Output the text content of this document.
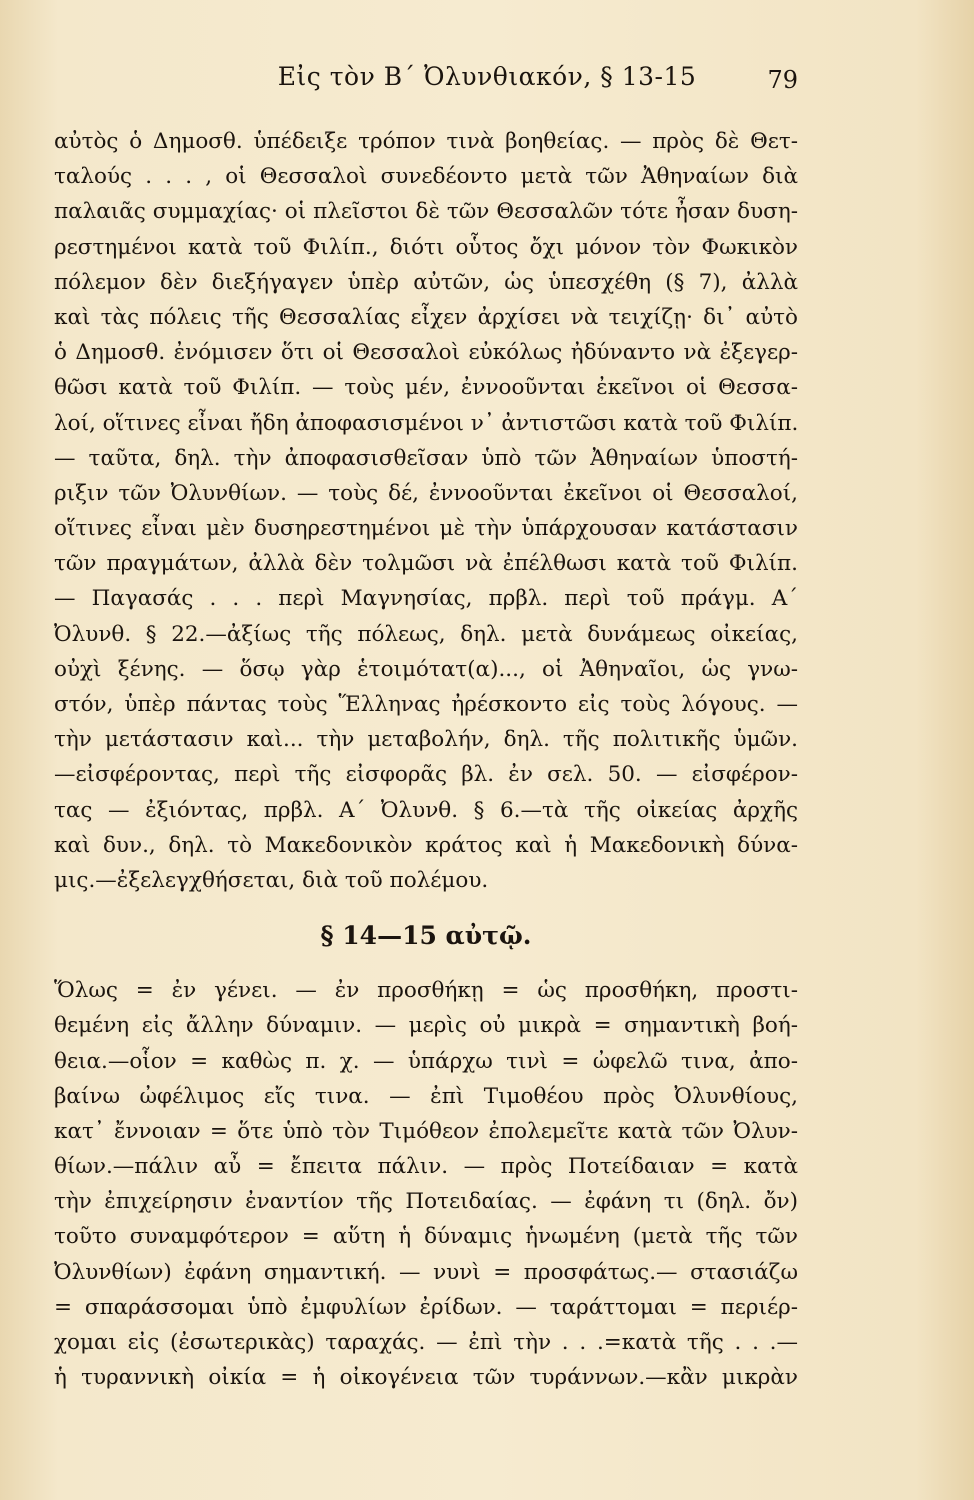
Εἰς τὸν Β΄ Ὀλυνθιακόν, § 13-15	79
αὐτὸς ὁ Δημοσθ. ὑπέδειξε τρόπον τινὰ βοηθείας. — πρὸς δὲ Θετ-
ταλούς . . . , οἱ Θεσσαλοὶ συνεδέοντο μετὰ τῶν Ἀθηναίων διὰ
παλαιᾶς συμμαχίας· οἱ πλεῖστοι δὲ τῶν Θεσσαλῶν τότε ἦσαν δυση-
ρεστημένοι κατὰ τοῦ Φιλίπ., διότι οὗτος ὄχι μόνον τὸν Φωκικὸν
πόλεμον δὲν διεξήγαγεν ὑπὲρ αὐτῶν, ὡς ὑπεσχέθη (§ 7), ἀλλὰ
καὶ τὰς πόλεις τῆς Θεσσαλίας εἶχεν ἀρχίσει νὰ τειχίζῃ· δι᾽ αὐτὸ
ὁ Δημοσθ. ἐνόμισεν ὅτι οἱ Θεσσαλοὶ εὐκόλως ἠδύναντο νὰ ἐξεγερ-
θῶσι κατὰ τοῦ Φιλίπ. — τοὺς μέν, ἐννοοῦνται ἐκεῖνοι οἱ Θεσσα-
λοί, οἵτινες εἶναι ἤδη ἀποφασισμένοι ν᾽ ἀντιστῶσι κατὰ τοῦ Φιλίπ.
— ταῦτα, δηλ. τὴν ἀποφασισθεῖσαν ὑπὸ τῶν Ἀθηναίων ὑποστή-
ριξιν τῶν Ὀλυνθίων. — τοὺς δέ, ἐννοοῦνται ἐκεῖνοι οἱ Θεσσαλοί,
οἵτινες εἶναι μὲν δυσηρεστημένοι μὲ τὴν ὑπάρχουσαν κατάστασιν
τῶν πραγμάτων, ἀλλὰ δὲν τολμῶσι νὰ ἐπέλθωσι κατὰ τοῦ Φιλίπ.
— Παγασάς . . . περὶ Μαγνησίας, πρβλ. περὶ τοῦ πράγμ. Α΄
Ὀλυνθ. § 22.—ἀξίως τῆς πόλεως, δηλ. μετὰ δυνάμεως οἰκείας,
οὐχὶ ξένης. — ὅσῳ γὰρ ἑτοιμότατ(α)..., οἱ Ἀθηναῖοι, ὡς γνω-
στόν, ὑπὲρ πάντας τοὺς Ἕλληνας ἠρέσκοντο εἰς τοὺς λόγους. —
τὴν μετάστασιν καὶ... τὴν μεταβολήν, δηλ. τῆς πολιτικῆς ὑμῶν.
—εἰσφέροντας, περὶ τῆς εἰσφορᾶς βλ. ἐν σελ. 50. — εἰσφέρον-
τας — ἐξιόντας, πρβλ. Α΄ Ὀλυνθ. § 6.—τὰ τῆς οἰκείας ἀρχῆς
καὶ δυν., δηλ. τὸ Μακεδονικὸν κράτος καὶ ἡ Μακεδονικὴ δύνα-
μις.—ἐξελεγχθήσεται, διὰ τοῦ πολέμου.
§ 14—15 αὐτῷ.
Ὅλως = ἐν γένει. — ἐν προσθήκῃ = ὡς προσθήκη, προστι-
θεμένη εἰς ἄλλην δύναμιν. — μερὶς οὐ μικρὰ = σημαντικὴ βοή-
θεια.—οἷον = καθὼς π. χ. — ὑπάρχω τινὶ = ὠφελῶ τινα, ἀπο-
βαίνω ὠφέλιμος εἴς τινα. — ἐπὶ Τιμοθέου πρὸς Ὀλυνθίους,
κατ᾽ ἔννοιαν = ὅτε ὑπὸ τὸν Τιμόθεον ἐπολεμεῖτε κατὰ τῶν Ὀλυν-
θίων.—πάλιν αὖ = ἔπειτα πάλιν. — πρὸς Ποτείδαιαν = κατὰ
τὴν ἐπιχείρησιν ἐναντίον τῆς Ποτειδαίας. — ἐφάνη τι (δηλ. ὄν)
τοῦτο συναμφότερον = αὕτη ἡ δύναμις ἡνωμένη (μετὰ τῆς τῶν
Ὀλυνθίων) ἐφάνη σημαντική. — νυνὶ = προσφάτως.— στασιάζω
= σπαράσσομαι ὑπὸ ἐμφυλίων ἐρίδων. — ταράττομαι = περιέρ-
χομαι εἰς (ἐσωτερικὰς) ταραχάς. — ἐπὶ τὴν . . .=κατὰ τῆς . . .—
ἡ τυραννικὴ οἰκία = ἡ οἰκογένεια τῶν τυράννων.—κἂν μικρὰν
